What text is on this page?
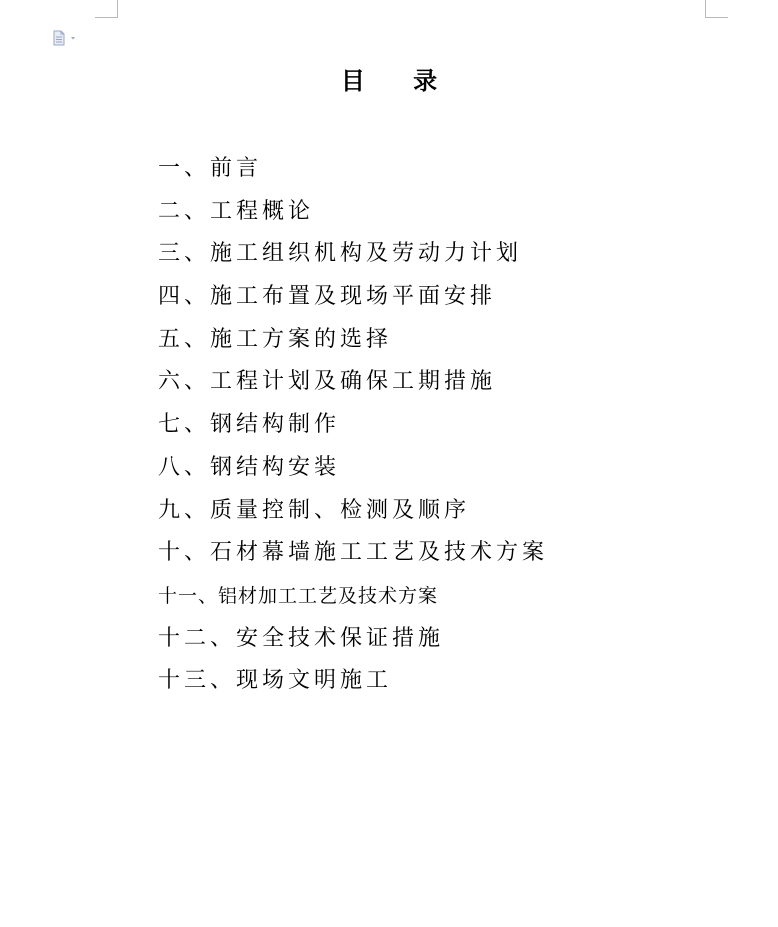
目 录
一、前言
二、工程概论
三、施工组织机构及劳动力计划
四、施工布置及现场平面安排
五、施工方案的选择
六、工程计划及确保工期措施
七、钢结构制作
八、钢结构安装
九、质量控制、检测及顺序
十、石材幕墙施工工艺及技术方案
十一、铝材加工工艺及技术方案
十二、安全技术保证措施
十三、现场文明施工
